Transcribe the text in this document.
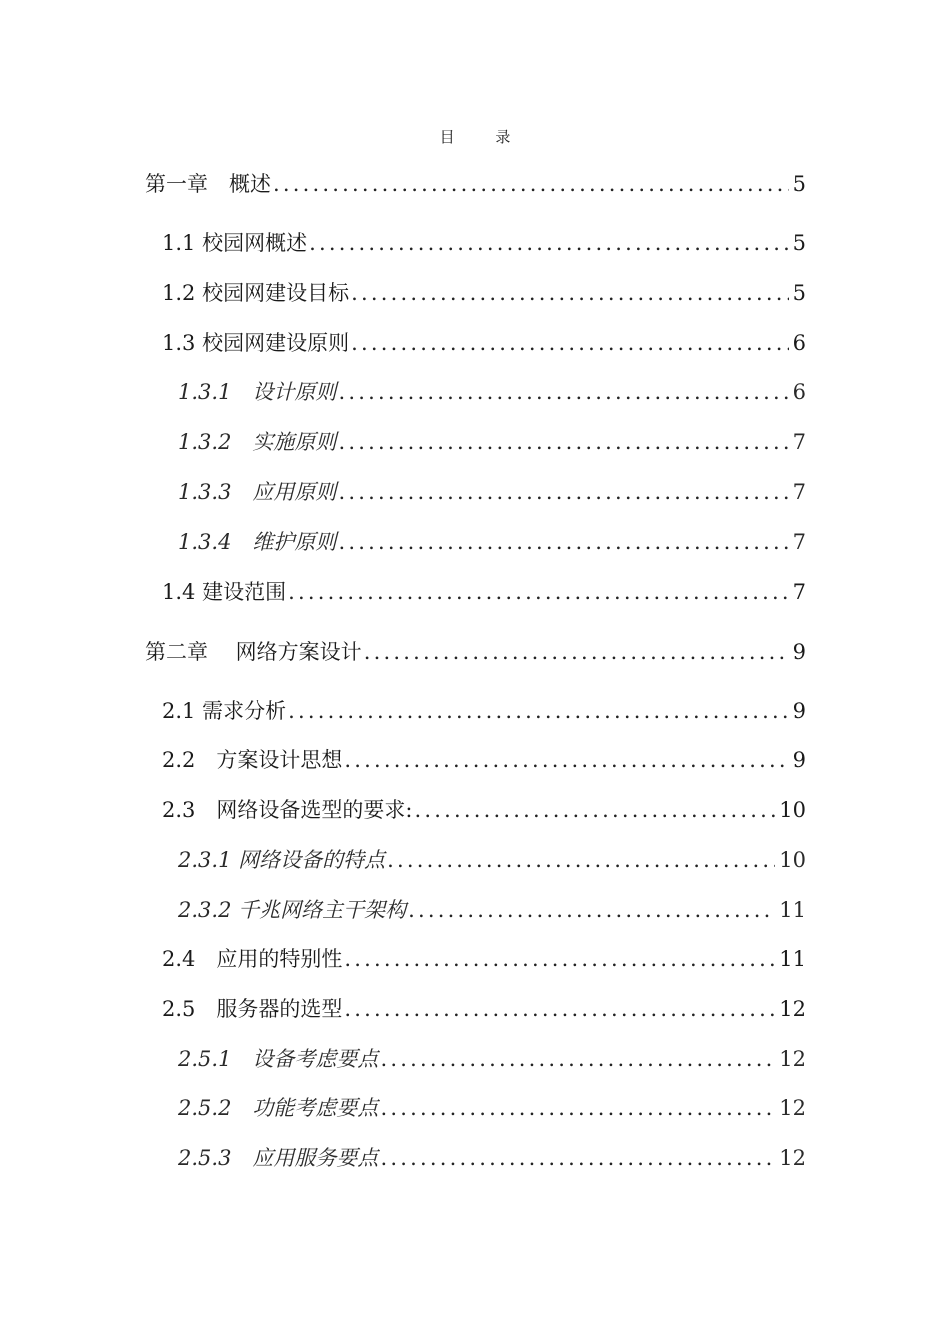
目 录
第一章　概述 .....	5
1.1 校园网概述 .....	5
1.2 校园网建设目标 .....	5
1.3 校园网建设原则 .....	6
1.3.1　设计原则 .....	6
1.3.2　实施原则 .....	7
1.3.3　应用原则 .....	7
1.3.4　维护原则 .....	7
1.4 建设范围 .....	7
第二章　 网络方案设计 .....	9
2.1 需求分析 .....	9
2.2　方案设计思想 .....	9
2.3　网络设备选型的要求: .....	10
2.3.1 网络设备的特点 .....	10
2.3.2 千兆网络主干架构 .....	11
2.4　应用的特别性 .....	11
2.5　服务器的选型 .....	12
2.5.1　设备考虑要点 .....	12
2.5.2　功能考虑要点 .....	12
2.5.3　应用服务要点 .....	12
